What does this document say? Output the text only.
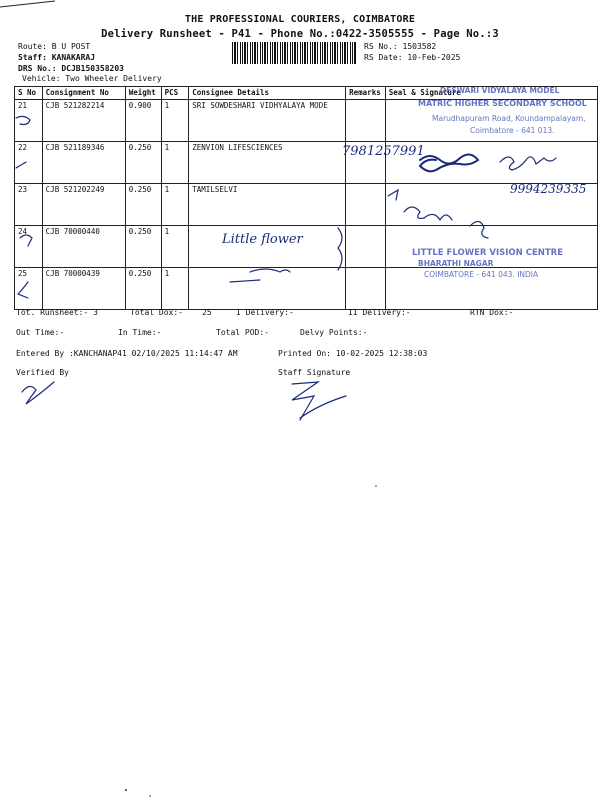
THE PROFESSIONAL COURIERS, COIMBATORE
Delivery Runsheet - P41 - Phone No.:0422-3505555 - Page No.:3
Route: B U POST
Staff: KANAKARAJ
DRS No.: DCJB150358203
Vehicle: Two Wheeler Delivery
RS No.: 1503582
RS Date: 10-Feb-2025
S No	Consignment No	Weight	PCS	Consignee Details	Remarks	Seal & Signature
21	CJB 521282214	0.900	1	SRI SOWDESHARI VIDHYALAYA MODE		
22	CJB 521189346	0.250	1	ZENVION LIFESCIENCES		
23	CJB 521202249	0.250	1	TAMILSELVI		
24	CJB 70000440	0.250	1			
25	CJB 70000439	0.250	1			
DESWARI VIDYALAYA MODEL
MATRIC HIGHER SECONDARY SCHOOL
Marudhapuram Road, Koundampalayam,
Coimbatore - 641 013.
LITTLE FLOWER VISION CENTRE
BHARATHI NAGAR
COIMBATORE - 641 043. INDIA
7981257991
9994239335
Little flower
Tot. Runsheet:- 3	Total Dox:- 25	I Delivery:-	II Delivery:-	RTN Dox:-
Out Time:-	In Time:-	Total POD:-	Delvy Points:-
Entered By :KANCHANAP41 02/10/2025 11:14:47 AM	Printed On: 10-02-2025 12:38:03
Verified By	Staff Signature
